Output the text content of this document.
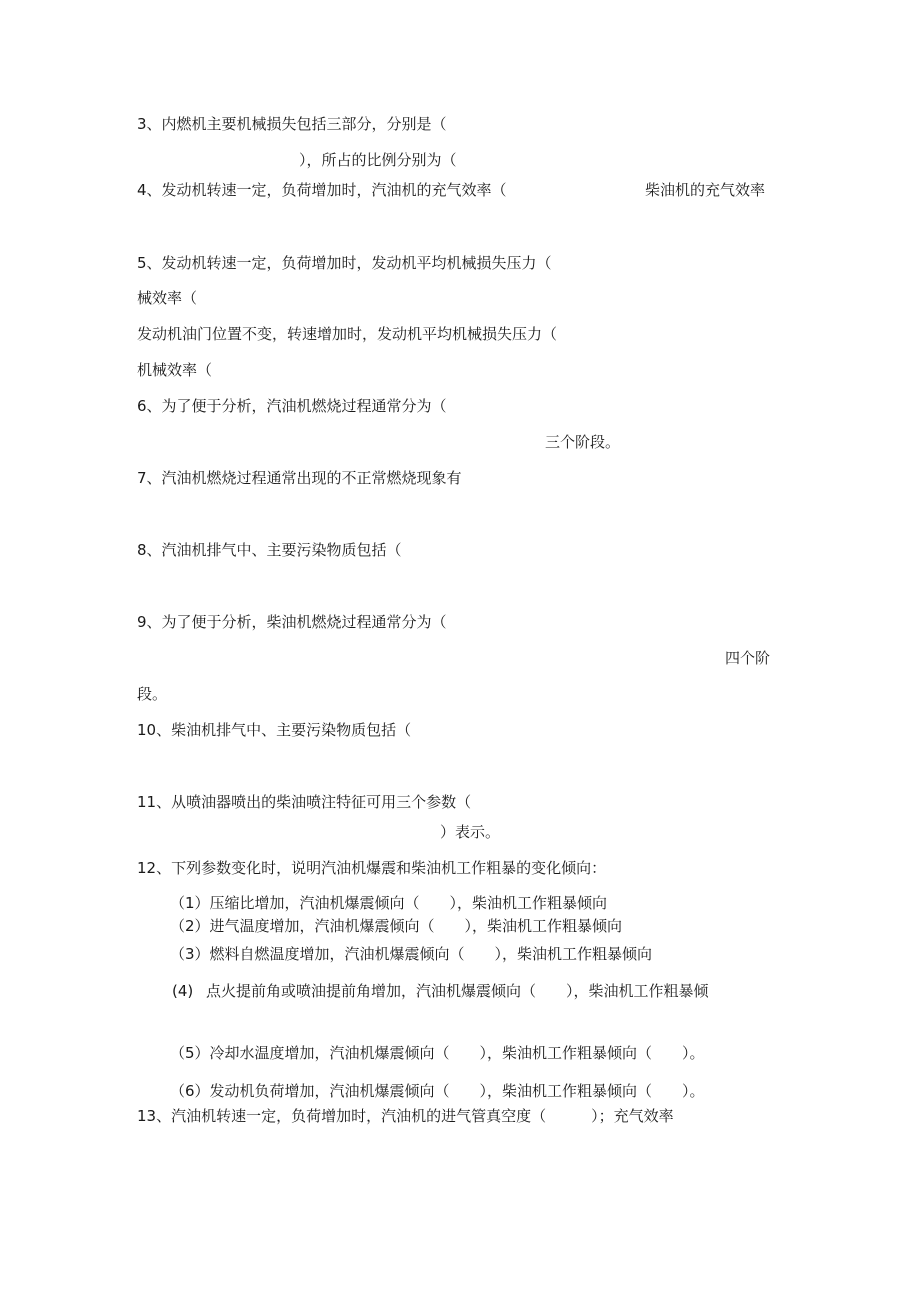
3、内燃机主要机械损失包括三部分，分别是（
），所占的比例分别为（
4、发动机转速一定，负荷增加时，汽油机的充气效率（	柴油机的充气效率
5、发动机转速一定，负荷增加时，发动机平均机械损失压力（
械效率（
发动机油门位置不变，转速增加时，发动机平均机械损失压力（
机械效率（
6、为了便于分析，汽油机燃烧过程通常分为（
三个阶段。
7、汽油机燃烧过程通常出现的不正常燃烧现象有
8、汽油机排气中、主要污染物质包括（
9、为了便于分析，柴油机燃烧过程通常分为（
四个阶
段。
10、柴油机排气中、主要污染物质包括（
11、从喷油器喷出的柴油喷注特征可用三个参数（
）表示。
12、下列参数变化时，说明汽油机爆震和柴油机工作粗暴的变化倾向：
（1）压缩比增加，汽油机爆震倾向（　　），柴油机工作粗暴倾向
（2）进气温度增加，汽油机爆震倾向（　　），柴油机工作粗暴倾向
（3）燃料自燃温度增加，汽油机爆震倾向（　　），柴油机工作粗暴倾向
(4) 点火提前角或喷油提前角增加，汽油机爆震倾向（　　），柴油机工作粗暴倾
（5）冷却水温度增加，汽油机爆震倾向（　　），柴油机工作粗暴倾向（　　）。
（6）发动机负荷增加，汽油机爆震倾向（　　），柴油机工作粗暴倾向（　　）。
13、汽油机转速一定，负荷增加时，汽油机的进气管真空度（　　　）；充气效率
